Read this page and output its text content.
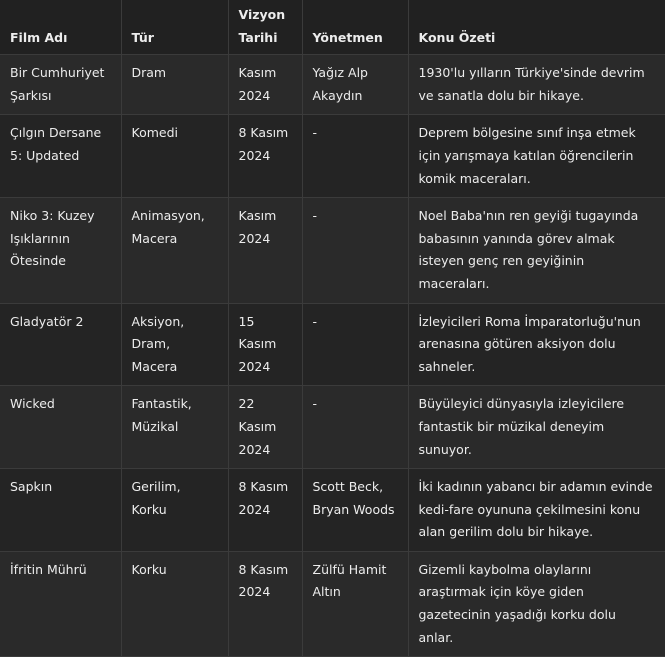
Film Adı	Tür	Vizyon Tarihi	Yönetmen	Konu Özeti
Bir Cumhuriyet Şarkısı	Dram	Kasım 2024	Yağız Alp Akaydın	1930'lu yılların Türkiye'sinde devrim ve sanatla dolu bir hikaye.
Çılgın Dersane 5: Updated	Komedi	8 Kasım 2024	-	Deprem bölgesine sınıf inşa etmek için yarışmaya katılan öğrencilerin komik maceraları.
Niko 3: Kuzey Işıklarının Ötesinde	Animasyon, Macera	Kasım 2024	-	Noel Baba'nın ren geyiği tugayında babasının yanında görev almak isteyen genç ren geyiğinin maceraları.
Gladyatör 2	Aksiyon, Dram, Macera	15 Kasım 2024	-	İzleyicileri Roma İmparatorluğu'nun arenasına götüren aksiyon dolu sahneler.
Wicked	Fantastik, Müzikal	22 Kasım 2024	-	Büyüleyici dünyasıyla izleyicilere fantastik bir müzikal deneyim sunuyor.
Sapkın	Gerilim, Korku	8 Kasım 2024	Scott Beck, Bryan Woods	İki kadının yabancı bir adamın evinde kedi-fare oyununa çekilmesini konu alan gerilim dolu bir hikaye.
İfritin Mührü	Korku	8 Kasım 2024	Zülfü Hamit Altın	Gizemli kaybolma olaylarını araştırmak için köye giden gazetecinin yaşadığı korku dolu anlar.
